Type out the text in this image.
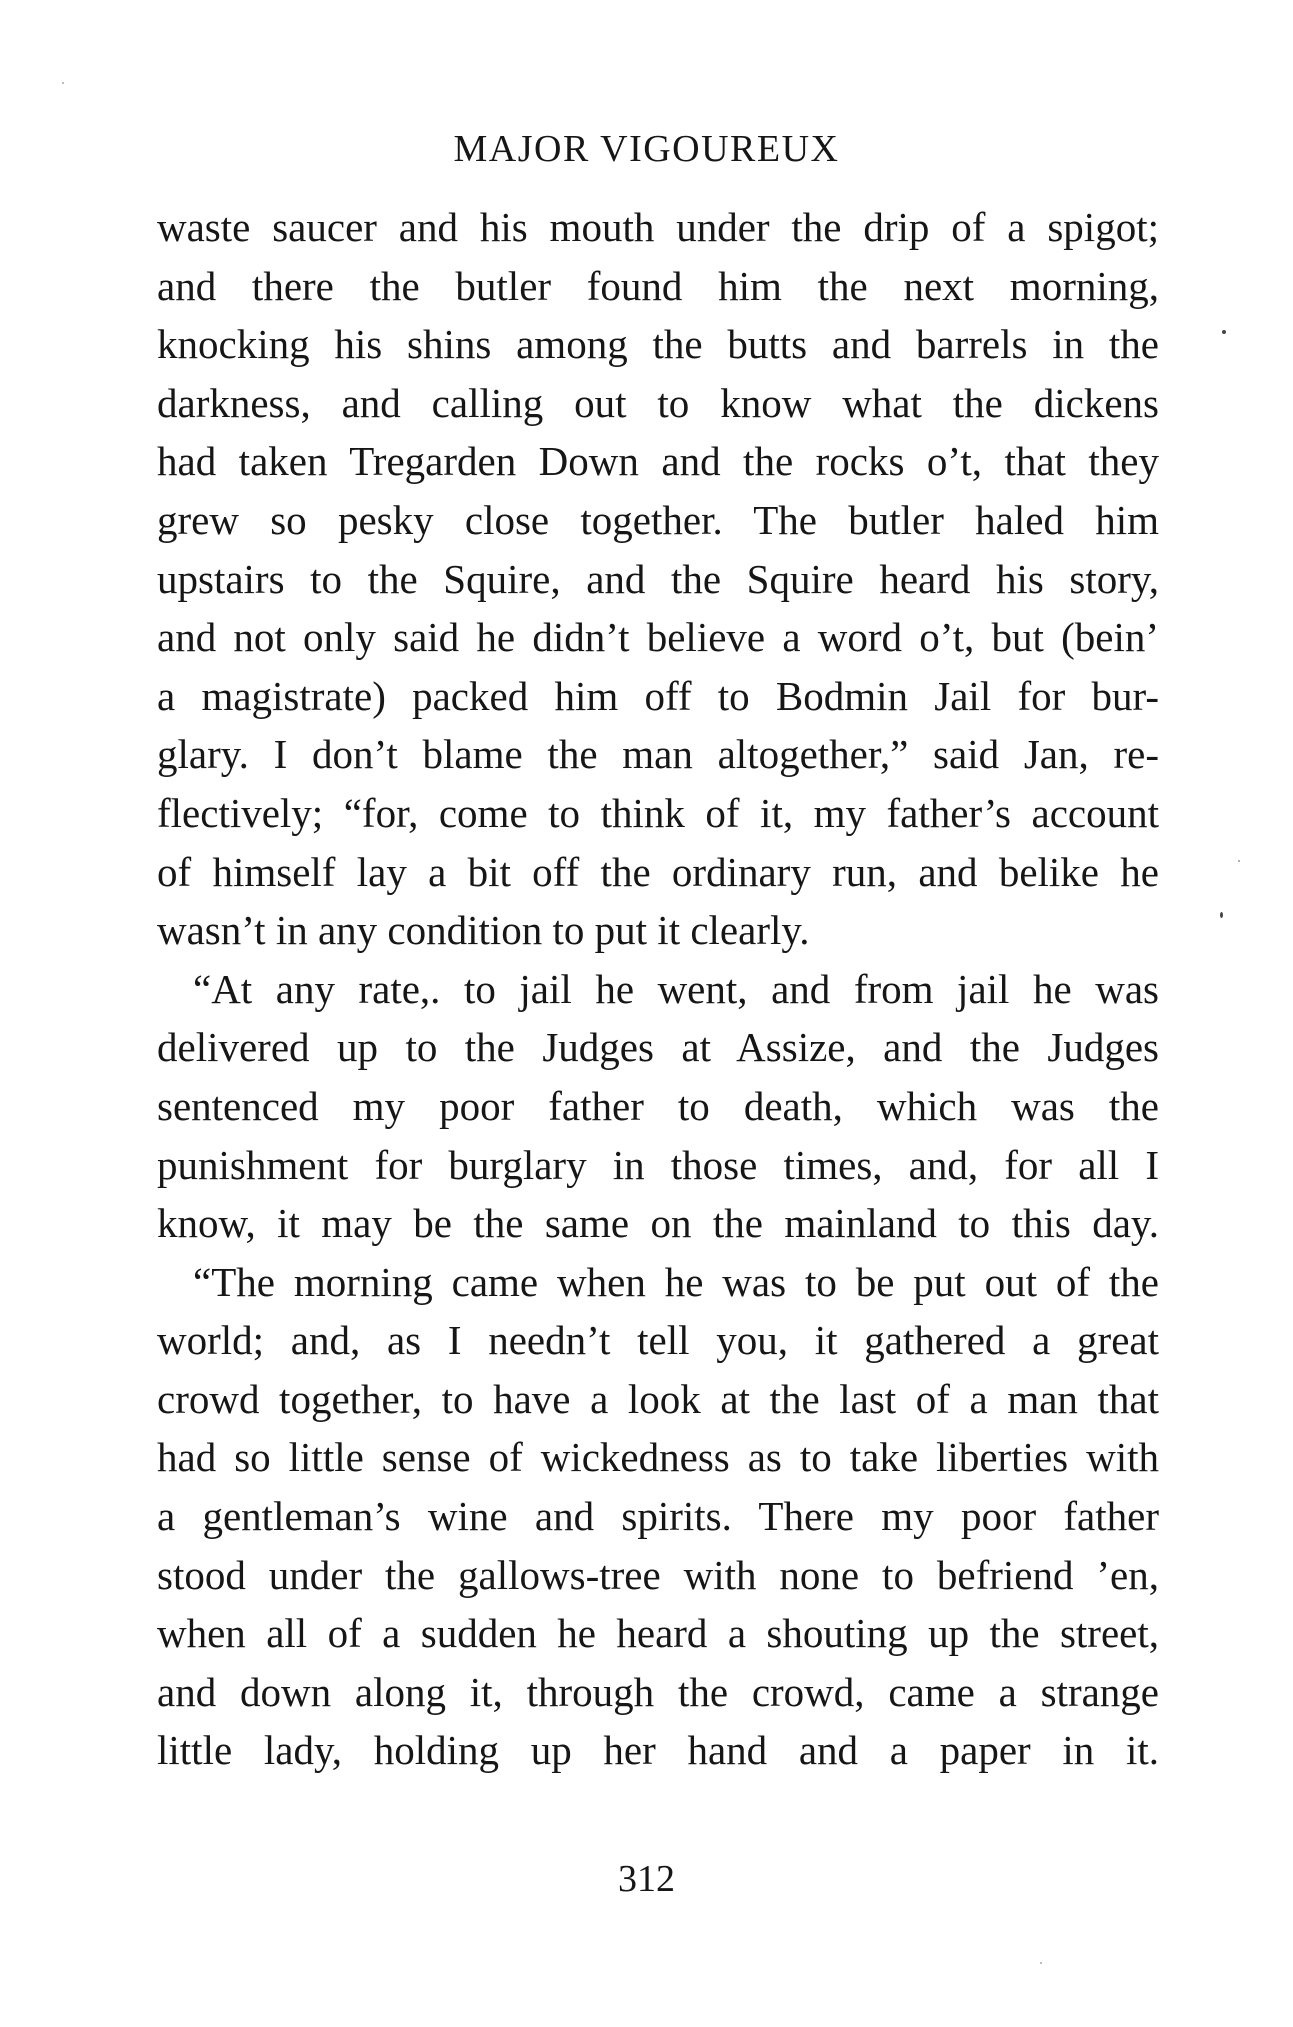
MAJOR VIGOUREUX
waste saucer and his mouth under the drip of a spigot;
and there the butler found him the next morning,
knocking his shins among the butts and barrels in the
darkness, and calling out to know what the dickens
had taken Tregarden Down and the rocks o’t, that they
grew so pesky close together. The butler haled him
upstairs to the Squire, and the Squire heard his story,
and not only said he didn’t believe a word o’t, but (bein’
a magistrate) packed him off to Bodmin Jail for bur-
glary. I don’t blame the man altogether,” said Jan, re-
flectively; “for, come to think of it, my father’s account
of himself lay a bit off the ordinary run, and belike he
wasn’t in any condition to put it clearly.
“At any rate,. to jail he went, and from jail he was
delivered up to the Judges at Assize, and the Judges
sentenced my poor father to death, which was the
punishment for burglary in those times, and, for all I
know, it may be the same on the mainland to this day.
“The morning came when he was to be put out of the
world; and, as I needn’t tell you, it gathered a great
crowd together, to have a look at the last of a man that
had so little sense of wickedness as to take liberties with
a gentleman’s wine and spirits. There my poor father
stood under the gallows-tree with none to befriend ’en,
when all of a sudden he heard a shouting up the street,
and down along it, through the crowd, came a strange
little lady, holding up her hand and a paper in it.
312
